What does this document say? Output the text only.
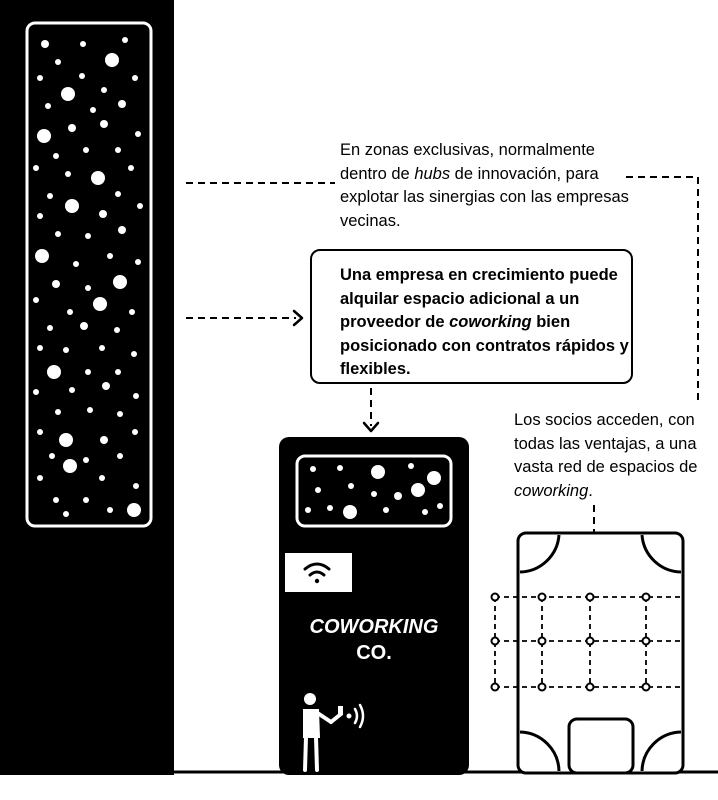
En zonas exclusivas, normalmente dentro de hubs de innovación, para explotar las sinergias con las empresas vecinas.

Una empresa en crecimiento puede alquilar espacio adicional a un proveedor de coworking bien posicionado con contratos rápidos y flexibles.

Los socios acceden, con todas las ventajas, a una vasta red de espacios de coworking.

COWORKING
CO.
